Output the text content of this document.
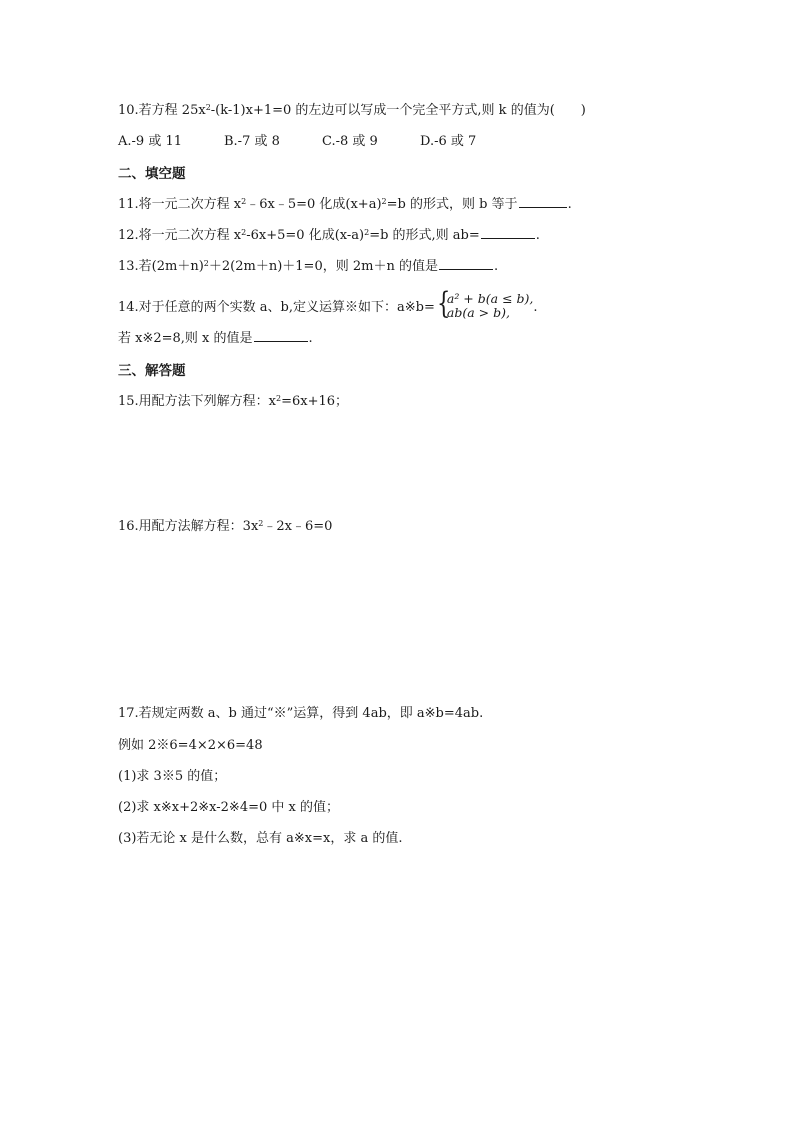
10.若方程 $25x^2-(k-1)x+1=0$ 的左边可以写成一个完全平方式,则 k 的值为( )
A.-9 或 11	B.-7 或 8	C.-8 或 9	D.-6 或 7
二、填空题
11.将一元二次方程 $x^2﹣6x﹣5=0$ 化成$(x+a)^2=b$ 的形式，则 b 等于	.
12.将一元二次方程 $x^2-6x+5=0$ 化成$(x-a)^2=b$ 的形式,则 ab=	.
13.若$(2m+n)^2+2(2m+n)+1=0$，则 2m＋n 的值是	.
14.对于任意的两个实数 a、b,定义运算※如下：a※b= {
a² + b(a ≤ b),
ab(a > b),	.
若 x※2=8,则 x 的值是	.
三、解答题
15.用配方法下列解方程：$x^2=6x+16$；
16.用配方法解方程：$3x^2﹣2x﹣6=0$
17.若规定两数 a、b 通过“※”运算，得到 4ab，即 a※b=4ab.
例如 2※6=4×2×6=48
(1)求 3※5 的值；
(2)求 x※x+2※x-2※4=0 中 x 的值；
(3)若无论 x 是什么数，总有 a※x=x，求 a 的值.
